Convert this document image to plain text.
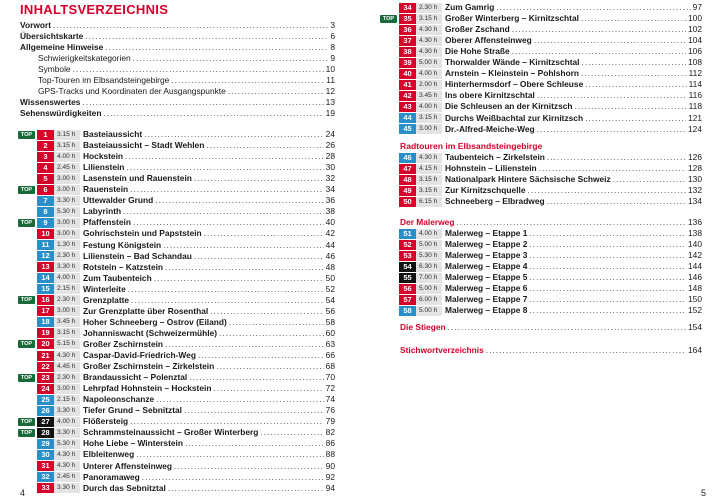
INHALTSVERZEICHNIS
Vorwort .....	3
Übersichtskarte .....	6
Allgemeine Hinweise .....	8
Schwierigkeitskategorien .....	9
Symbole .....	10
Top-Touren im Elbsandsteingebirge .....	11
GPS-Tracks und Koordinaten der Ausgangspunkte .....	12
Wissenswertes .....	13
Sehenswürdigkeiten .....	19
TOP	1	3.15 h Basteiaussicht .....	24
2	3.15 h Basteiaussicht – Stadt Wehlen .....	26
3	4.00 h Hockstein .....	28
4	2.45 h Lilienstein .....	30
5	3.00 h Lasensteín und Rauenstein .....	32
TOP	6	3.00 h Rauenstein .....	34
7	3.30 h Uttewalder Grund .....	36
8	5.30 h Labyrinth .....	38
TOP	9	3.00 h Pfaffenstein .....	40
10	3.00 h Gohrischstein und Papststein .....	42
11	1.30 h Festung Königstein .....	44
12	2.30 h Lilienstein – Bad Schandau .....	46
13	3.30 h Rotstein – Katzstein .....	48
14	4.00 h Zum Taubenteich .....	50
15	2.15 h Winterleite .....	52
TOP	16	2.30 h Grenzplatte .....	54
17	3.00 h Zur Grenzplatte über Rosenthal .....	56
18	3.45 h Hoher Schneeberg – Ostrov (Eiland) .....	58
19	3.15 h Johanniswacht (Schweizermühle) .....	60
TOP	20	5.15 h Großer Zschirnstein .....	63
21	4.30 h Caspar-David-Friedrich-Weg .....	66
22	4.45 h Großer Zschirnstein – Zirkelstein .....	68
TOP	23	2.30 h Brandaussicht – Polenztal .....	70
24	3.00 h Lehrpfad Hohnstein – Hockstein .....	72
25	2.15 h Napoleonschanze .....	74
26	3.30 h Tiefer Grund – Sebnitztal .....	76
TOP	27	4.00 h Flößersteig .....	79
TOP	28	3.30 h Schrammsteinaussicht – Großer Winterberg .....	82
29	5.30 h Hohe Liebe – Winterstein .....	86
30	4.30 h Elbleitenweg .....	88
31	4.30 h Unterer Affensteinweg .....	90
32	2.45 h Panoramaweg .....	92
33	3.30 h Durch das Sebnitztal .....	94
4
34	2.30 h Zum Gamrig .....	97
TOP	35	3.15 h Großer Winterberg – Kirnitzschtal .....	100
36	4.30 h Großer Zschand .....	102
37	4.30 h Oberer Affensteinweg .....	104
38	4.30 h Die Hohe Straße .....	106
39	5.00 h Thorwalder Wände – Kirnitzschtal .....	108
40	4.00 h Arnstein – Kleinstein – Pohlshorn .....	112
41	2.00 h Hinterhermsdorf – Obere Schleuse .....	114
42	3.45 h Ins obere Kirnitzschtal .....	116
43	4.00 h Die Schleusen an der Kirnitzsch .....	118
44	3.15 h Durchs Weißbachtal zur Kirnitzsch .....	121
45	3.00 h Dr.-Alfred-Meiche-Weg .....	124
Radtouren im Elbsandsteingebirge
46	4.30 h Taubenteich – Zirkelstein .....	126
47	4.15 h Hohnstein – Lilienstein .....	128
48	3.15 h Nationalpark Hintere Sächsische Schweiz .....	130
49	3.15 h Zur Kirnitzschquelle .....	132
50	6.15 h Schneeberg – Elbradweg .....	134
Der Malerweg .....	136
51	4.00 h Malerweg – Etappe 1 .....	138
52	5.00 h Malerweg – Etappe 2 .....	140
53	5.30 h Malerweg – Etappe 3 .....	142
54	6.30 h Malerweg – Etappe 4 .....	144
55	7.00 h Malerweg – Etappe 5 .....	146
56	5.00 h Malerweg – Etappe 6 .....	148
57	6.00 h Malerweg – Etappe 7 .....	150
58	5.00 h Malerweg – Etappe 8 .....	152
Die Stiegen .....	154
Stichwortverzeichnis .....	164
5
